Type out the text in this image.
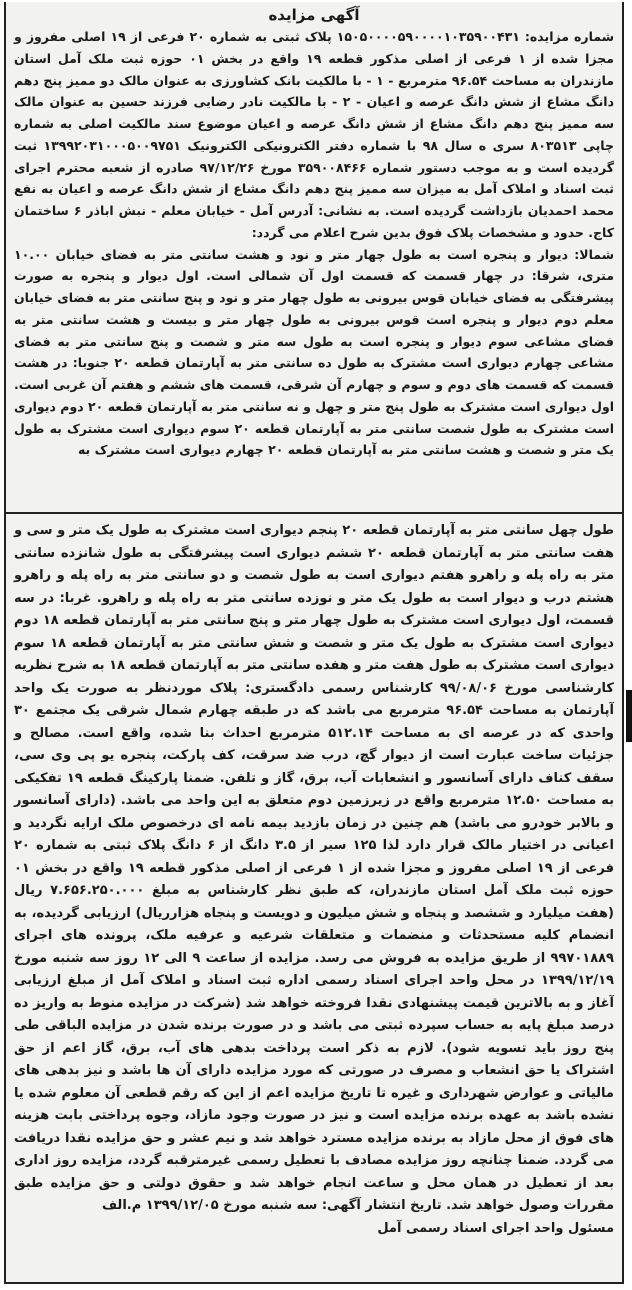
آگهی مزایده

شماره مزایده: ۱۵۰۵۰۰۰۰۵۹۰۰۰۰۱۰۳۵۹۰۰۴۳۱ پلاک ثبتی به شماره ۲۰ فرعی از ۱۹ اصلی مفروز و مجزا شده از ۱ فرعی از اصلی مذکور قطعه ۱۹ واقع در بخش ۰۱ حوزه ثبت ملک آمل استان مازندران به مساحت ۹۶.۵۴ مترمربع - ۱ - با مالکیت بانک کشاورزی به عنوان مالک دو ممیز پنج دهم دانگ مشاع از شش دانگ عرصه و اعیان - ۲ - با مالکیت نادر رضایی فرزند حسین به عنوان مالک سه ممیز پنج دهم دانگ مشاع از شش دانگ عرصه و اعیان موضوع سند مالکیت اصلی به شماره چاپی ۸۰۳۵۱۳ سری ه سال ۹۸ با شماره دفتر الکترونیکی الکترونیک ۱۳۹۹۲۰۳۱۰۰۰۵۰۰۹۷۵۱ ثبت گردیده است و به موجب دستور شماره ۳۵۹۰۰۸۴۶۶ مورخ ۹۷/۱۲/۲۶ صادره از شعبه محترم اجرای ثبت اسناد و املاک آمل به میزان سه ممیز پنج دهم دانگ مشاع از شش دانگ عرصه و اعیان به نفع محمد احمدیان بازداشت گردیده است. به نشانی: آدرس آمل - خیابان معلم - نبش اباذر ۶ ساختمان کاج. حدود و مشخصات پلاک فوق بدین شرح اعلام می گردد:

شمالا: دیوار و پنجره است به طول چهار متر و نود و هشت سانتی متر به فضای خیابان ۱۰.۰۰ متری، شرقا: در چهار قسمت که قسمت اول آن شمالی است. اول دیوار و پنجره به صورت پیشرفتگی به فضای خیابان قوس بیرونی به طول چهار متر و نود و پنج سانتی متر به فضای خیابان معلم دوم دیوار و پنجره است قوس بیرونی به طول چهار متر و بیست و هشت سانتی متر به فضای مشاعی سوم دیوار و پنجره است به طول سه متر و شصت و پنج سانتی متر به فضای مشاعی چهارم دیواری است مشترک به طول ده سانتی متر به آپارتمان قطعه ۲۰ جنوبا: در هشت قسمت که قسمت های دوم و سوم و چهارم آن شرقی، قسمت های ششم و هفتم آن غربی است. اول دیواری است مشترک به طول پنج متر و چهل و نه سانتی متر به آپارتمان قطعه ۲۰ دوم دیواری است مشترک به طول شصت سانتی متر به آپارتمان قطعه ۲۰ سوم دیواری است مشترک به طول یک متر و شصت و هشت سانتی متر به آپارتمان قطعه ۲۰ چهارم دیواری است مشترک به

طول چهل سانتی متر به آپارتمان قطعه ۲۰ پنجم دیواری است مشترک به طول یک متر و سی و هفت سانتی متر به آپارتمان قطعه ۲۰ ششم دیواری است پیشرفتگی به طول شانزده سانتی متر به راه پله و راهرو هفتم دیواری است به طول شصت و دو سانتی متر به راه پله و راهرو هشتم درب و دیوار است به طول یک متر و نوزده سانتی متر به راه پله و راهرو. غربا: در سه قسمت، اول دیواری است مشترک به طول چهار متر و پنج سانتی متر به آپارتمان قطعه ۱۸ دوم دیواری است مشترک به طول یک متر و شصت و شش سانتی متر به آپارتمان قطعه ۱۸ سوم دیواری است مشترک به طول هفت متر و هفده سانتی متر به آپارتمان قطعه ۱۸ به شرح نظریه کارشناسی مورخ ۹۹/۰۸/۰۶ کارشناس رسمی دادگستری: پلاک موردنظر به صورت یک واحد آپارتمان به مساحت ۹۶.۵۴ مترمربع می باشد که در طبقه چهارم شمال شرقی یک مجتمع ۳۰ واحدی که در عرصه ای به مساحت ۵۱۲.۱۴ مترمربع احداث بنا شده، واقع است. مصالح و جزئیات ساخت عبارت است از دیوار گچ، درب ضد سرقت، کف پارکت، پنجره یو پی وی سی، سقف کناف دارای آسانسور و انشعابات آب، برق، گاز و تلفن. ضمنا پارکینگ قطعه ۱۹ تفکیکی به مساحت ۱۲.۵۰ مترمربع واقع در زیرزمین دوم متعلق به این واحد می باشد. (دارای آسانسور و بالابر خودرو می باشد) هم چنین در زمان بازدید بیمه نامه ای درخصوص ملک ارایه نگردید و اعیانی در اختیار مالک قرار دارد لذا ۱۲۵ سیر از ۳.۵ دانگ از ۶ دانگ پلاک ثبتی به شماره ۲۰ فرعی از ۱۹ اصلی مفروز و مجزا شده از ۱ فرعی از اصلی مذکور قطعه ۱۹ واقع در بخش ۰۱ حوزه ثبت ملک آمل استان مازندران، که طبق نظر کارشناس به مبلغ ۷.۶۵۶.۲۵۰.۰۰۰ ریال (هفت میلیارد و ششصد و پنجاه و شش میلیون و دویست و پنجاه هزارریال) ارزیابی گردیده، به انضمام کلیه مستحدثات و منضمات و متعلقات شرعیه و عرفیه ملک، پرونده های اجرای ۹۹۷۰۱۸۸۹ از طریق مزایده به فروش می رسد. مزایده از ساعت ۹ الی ۱۲ روز سه شنبه مورخ ۱۳۹۹/۱۲/۱۹ در محل واحد اجرای اسناد رسمی اداره ثبت اسناد و املاک آمل از مبلغ ارزیابی آغاز و به بالاترین قیمت پیشنهادی نقدا فروخته خواهد شد (شرکت در مزایده منوط به واریز ده درصد مبلغ پایه به حساب سپرده ثبتی می باشد و در صورت برنده شدن در مزایده الباقی طی پنج روز باید تسویه شود). لازم به ذکر است پرداخت بدهی های آب، برق، گاز اعم از حق اشتراک یا حق انشعاب و مصرف در صورتی که مورد مزایده دارای آن ها باشد و نیز بدهی های مالیاتی و عوارض شهرداری و غیره تا تاریخ مزایده اعم از این که رقم قطعی آن معلوم شده یا نشده باشد به عهده برنده مزایده است و نیز در صورت وجود مازاد، وجوه پرداختی بابت هزینه های فوق از محل مازاد به برنده مزایده مسترد خواهد شد و نیم عشر و حق مزایده نقدا دریافت می گردد. ضمنا چنانچه روز مزایده مصادف با تعطیل رسمی غیرمترقبه گردد، مزایده روز اداری بعد از تعطیل در همان محل و ساعت انجام خواهد شد و حقوق دولتی و حق مزایده طبق مقررات وصول خواهد شد. تاریخ انتشار آگهی: سه شنبه مورخ ۱۳۹۹/۱۲/۰۵ م.الف

مسئول واحد اجرای اسناد رسمی آمل
